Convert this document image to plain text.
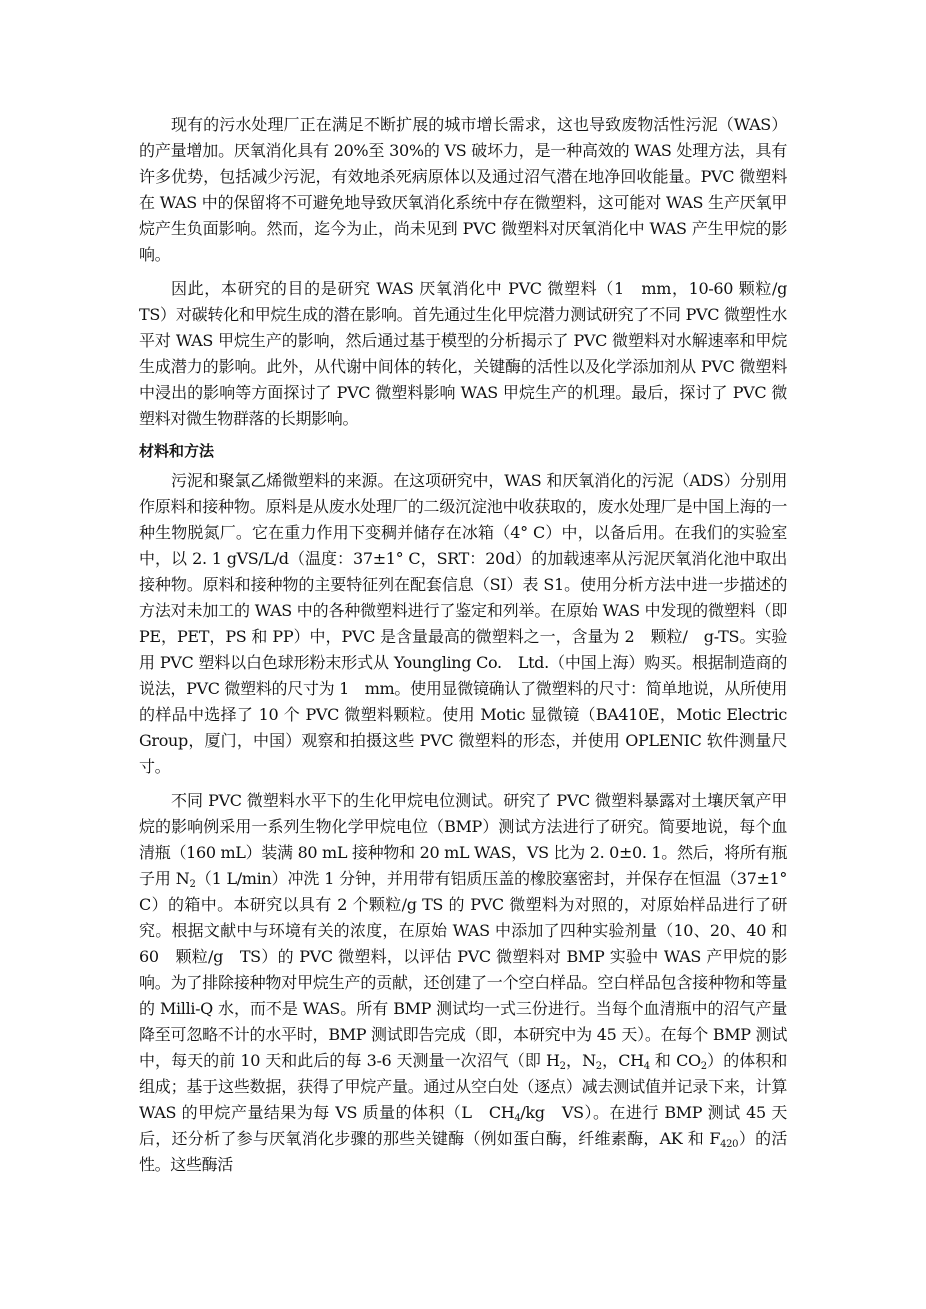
现有的污水处理厂正在满足不断扩展的城市增长需求，这也导致废物活性污泥（WAS）的产量增加。厌氧消化具有 20%至 30%的 VS 破坏力，是一种高效的 WAS 处理方法，具有许多优势，包括减少污泥，有效地杀死病原体以及通过沼气潜在地净回收能量。PVC 微塑料在 WAS 中的保留将不可避免地导致厌氧消化系统中存在微塑料，这可能对 WAS 生产厌氧甲烷产生负面影响。然而，迄今为止，尚未见到 PVC 微塑料对厌氧消化中 WAS 产生甲烷的影响。

因此，本研究的目的是研究 WAS 厌氧消化中 PVC 微塑料（1　mm，10-60 颗粒/g TS）对碳转化和甲烷生成的潜在影响。首先通过生化甲烷潜力测试研究了不同 PVC 微塑性水平对 WAS 甲烷生产的影响，然后通过基于模型的分析揭示了 PVC 微塑料对水解速率和甲烷生成潜力的影响。此外，从代谢中间体的转化，关键酶的活性以及化学添加剂从 PVC 微塑料中浸出的影响等方面探讨了 PVC 微塑料影响 WAS 甲烷生产的机理。最后，探讨了 PVC 微塑料对微生物群落的长期影响。

材料和方法

污泥和聚氯乙烯微塑料的来源。在这项研究中，WAS 和厌氧消化的污泥（ADS）分别用作原料和接种物。原料是从废水处理厂的二级沉淀池中收获取的，废水处理厂是中国上海的一种生物脱氮厂。它在重力作用下变稠并储存在冰箱（4° C）中，以备后用。在我们的实验室中，以 2. 1 gVS/L/d（温度：37±1° C，SRT：20d）的加载速率从污泥厌氧消化池中取出接种物。原料和接种物的主要特征列在配套信息（SI）表 S1。使用分析方法中进一步描述的方法对未加工的 WAS 中的各种微塑料进行了鉴定和列举。在原始 WAS 中发现的微塑料（即 PE，PET，PS 和 PP）中，PVC 是含量最高的微塑料之一，含量为 2　颗粒/　g-TS。实验用 PVC 塑料以白色球形粉末形式从 Youngling Co.　Ltd.（中国上海）购买。根据制造商的说法，PVC 微塑料的尺寸为 1　mm。使用显微镜确认了微塑料的尺寸：简单地说，从所使用的样品中选择了 10 个 PVC 微塑料颗粒。使用 Motic 显微镜（BA410E，Motic Electric Group，厦门，中国）观察和拍摄这些 PVC 微塑料的形态，并使用 OPLENIC 软件测量尺寸。

不同 PVC 微塑料水平下的生化甲烷电位测试。研究了 PVC 微塑料暴露对土壤厌氧产甲烷的影响例采用一系列生物化学甲烷电位（BMP）测试方法进行了研究。简要地说，每个血清瓶（160 mL）装满 80 mL 接种物和 20 mL WAS，VS 比为 2. 0±0. 1。然后，将所有瓶子用 $N_2(1$ L/min）冲洗 1 分钟，并用带有铝质压盖的橡胶塞密封，并保存在恒温（37±1° C）的箱中。本研究以具有 2 个颗粒/g TS 的 PVC 微塑料为对照的，对原始样品进行了研究。根据文献中与环境有关的浓度，在原始 WAS 中添加了四种实验剂量（10、20、40 和 60　颗粒/g　TS）的 PVC 微塑料，以评估 PVC 微塑料对 BMP 实验中 WAS 产甲烷的影响。为了排除接种物对甲烷生产的贡献，还创建了一个空白样品。空白样品包含接种物和等量的 Milli-Q 水，而不是 WAS。所有 BMP 测试均一式三份进行。当每个血清瓶中的沼气产量降至可忽略不计的水平时，BMP 测试即告完成（即，本研究中为 45 天）。在每个 BMP 测试中，每天的前 10 天和此后的每 3-6 天测量一次沼气（即 $H_2$，$N_2$，$CH_4$ 和 $CO_2$）的体积和组成；基于这些数据，获得了甲烷产量。通过从空白处（逐点）减去测试值并记录下来，计算 WAS 的甲烷产量结果为每 VS 质量的体积（L　$CH_4/kg$　VS）。在进行 BMP 测试 45 天后，还分析了参与厌氧消化步骤的那些关键酶（例如蛋白酶，纤维素酶，AK 和 $F_{420}$）的活性。这些酶活
